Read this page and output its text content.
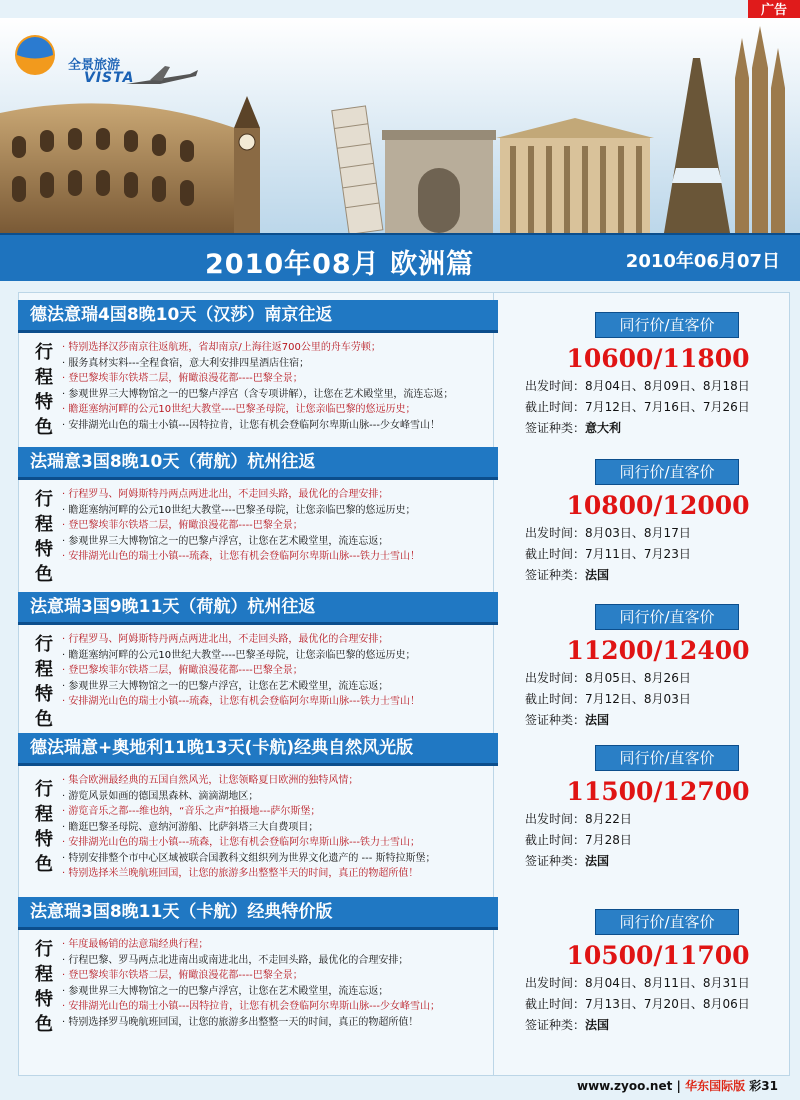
广告
全景旅游
VISTA
2010年08月 欧洲篇	2010年06月07日
德法意瑞4国8晚10天（汉莎）南京往返
· 特别选择汉莎南京往返航班，省却南京/上海往返700公里的舟车劳顿；
· 服务真材实料---全程食宿，意大利安排四星酒店住宿；
· 登巴黎埃菲尔铁塔二层，俯瞰浪漫花都----巴黎全景；
· 参观世界三大博物馆之一的巴黎卢浮宫（含专项讲解），让您在艺术殿堂里，流连忘返；
· 瞻逛塞纳河畔的公元10世纪大教堂----巴黎圣母院，让您亲临巴黎的悠远历史；
· 安排湖光山色的瑞士小镇---因特拉肯，让您有机会登临阿尔卑斯山脉---少女峰雪山！
行
程
特
色
同行价/直客价
10600/11800
出发时间：8月04日、8月09日、8月18日
截止时间：7月12日、7月16日、7月26日
签证种类：意大利
法瑞意3国8晚10天（荷航）杭州往返
· 行程罗马、阿姆斯特丹两点两进北出，不走回头路，最优化的合理安排；
· 瞻逛塞纳河畔的公元10世纪大教堂----巴黎圣母院，让您亲临巴黎的悠远历史；
· 登巴黎埃菲尔铁塔二层，俯瞰浪漫花都----巴黎全景；
· 参观世界三大博物馆之一的巴黎卢浮宫，让您在艺术殿堂里，流连忘返；
· 安排湖光山色的瑞士小镇---琉森，让您有机会登临阿尔卑斯山脉---铁力士雪山！
行
程
特
色
同行价/直客价
10800/12000
出发时间：8月03日、8月17日
截止时间：7月11日、7月23日
签证种类：法国
法意瑞3国9晚11天（荷航）杭州往返
· 行程罗马、阿姆斯特丹两点两进北出，不走回头路，最优化的合理安排；
· 瞻逛塞纳河畔的公元10世纪大教堂----巴黎圣母院，让您亲临巴黎的悠远历史；
· 登巴黎埃菲尔铁塔二层，俯瞰浪漫花都----巴黎全景；
· 参观世界三大博物馆之一的巴黎卢浮宫，让您在艺术殿堂里，流连忘返；
· 安排湖光山色的瑞士小镇---琉森，让您有机会登临阿尔卑斯山脉---铁力士雪山！
行
程
特
色
同行价/直客价
11200/12400
出发时间：8月05日、8月26日
截止时间：7月12日、8月03日
签证种类：法国
德法瑞意+奥地利11晚13天(卡航)经典自然风光版
· 集合欧洲最经典的五国自然风光，让您领略夏日欧洲的独特风情；
· 游览风景如画的德国黑森林、滴滴湖地区；
· 游览音乐之都---维也纳，“音乐之声”拍摄地---萨尔斯堡；
· 瞻逛巴黎圣母院、意纳河游船、比萨斜塔三大自费项目；
· 安排湖光山色的瑞士小镇---琉森，让您有机会登临阿尔卑斯山脉---铁力士雪山；
· 特别安排整个市中心区域被联合国教科文组织列为世界文化遗产的 --- 斯特拉斯堡；
· 特别选择米兰晚航班回国，让您的旅游多出整整半天的时间，真正的物超所值！
行
程
特
色
同行价/直客价
11500/12700
出发时间：8月22日
截止时间：7月28日
签证种类：法国
法意瑞3国8晚11天（卡航）经典特价版
· 年度最畅销的法意瑞经典行程；
· 行程巴黎、罗马两点北进南出或南进北出，不走回头路，最优化的合理安排；
· 登巴黎埃菲尔铁塔二层，俯瞰浪漫花都----巴黎全景；
· 参观世界三大博物馆之一的巴黎卢浮宫，让您在艺术殿堂里，流连忘返；
· 安排湖光山色的瑞士小镇---因特拉肯，让您有机会登临阿尔卑斯山脉---少女峰雪山；
· 特别选择罗马晚航班回国，让您的旅游多出整整一天的时间，真正的物超所值！
行
程
特
色
同行价/直客价
10500/11700
出发时间：8月04日、8月11日、8月31日
截止时间：7月13日、7月20日、8月06日
签证种类：法国
www.zyoo.net | 华东国际版 彩31
